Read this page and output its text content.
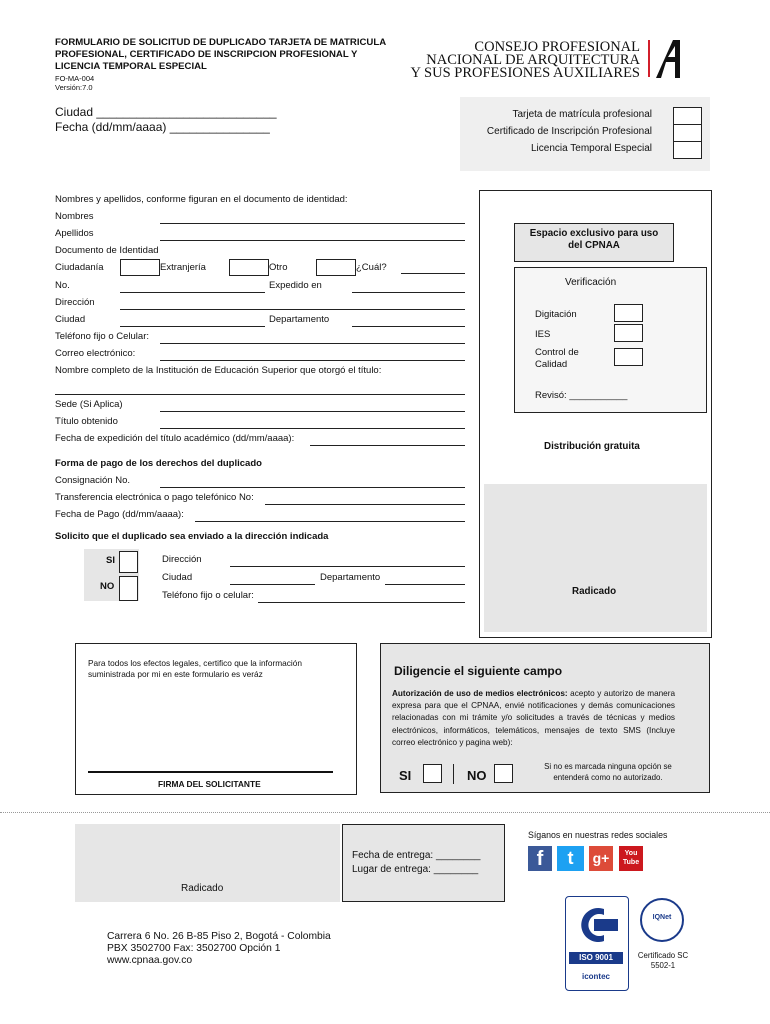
FORMULARIO DE SOLICITUD DE DUPLICADO TARJETA DE MATRICULA
PROFESIONAL, CERTIFICADO DE INSCRIPCION PROFESIONAL Y
LICENCIA TEMPORAL ESPECIAL
FO-MA-004
Versión:7.0
CONSEJO PROFESIONAL
NACIONAL DE ARQUITECTURA
Y SUS PROFESIONES AUXILIARES
Ciudad ___________________________
Fecha (dd/mm/aaaa) _______________
Tarjeta de matrícula profesional
Certificado de Inscripción Profesional
Licencia Temporal Especial
Nombres y apellidos, conforme figuran en el documento de identidad:
Nombres
Apellidos
Documento de Identidad
Ciudadanía	Extranjería	Otro	¿Cuál?
No.	Expedido en
Dirección
Ciudad	Departamento
Teléfono fijo o Celular:
Correo electrónico:
Nombre completo de la Institución de Educación Superior que otorgó el título:
Sede (Si Aplica)
Título obtenido
Fecha de expedición del título académico (dd/mm/aaaa):
Forma de pago de los derechos del duplicado
Consignación No.
Transferencia electrónica o pago telefónico No:
Fecha de Pago (dd/mm/aaaa):
Solicito que el duplicado sea enviado a la dirección indicada
SI
NO
Dirección
Ciudad	Departamento
Teléfono fijo o celular:
Espacio exclusivo para uso del CPNAA
Verificación
Digitación
IES
Control de Calidad
Revisó: ___________
Distribución gratuita
Radicado
Para todos los efectos legales, certifico que la información suministrada por mi en este formulario es veráz
FIRMA DEL SOLICITANTE
Diligencie el siguiente campo
Autorización de uso de medios electrónicos: acepto y autorizo de manera expresa para que el CPNAA, envié notificaciones y demás comunicaciones relacionadas con mi trámite y/o solicitudes a través de técnicas y medios electrónicos, informáticos, telemáticos, mensajes de texto SMS (Incluye correo electrónico y pagina web):
SI	NO
Si no es marcada ninguna opción se entenderá como no autorizado.
Radicado
Fecha de entrega: ________
Lugar de entrega: ________
Síganos en nuestras redes sociales
f	t	g+	You
Tube
Carrera 6 No. 26 B-85 Piso 2, Bogotá - Colombia
PBX 3502700 Fax: 3502700 Opción 1
www.cpnaa.gov.co	ISO 9001
icontec
IQNet
Certificado SC 5502-1
